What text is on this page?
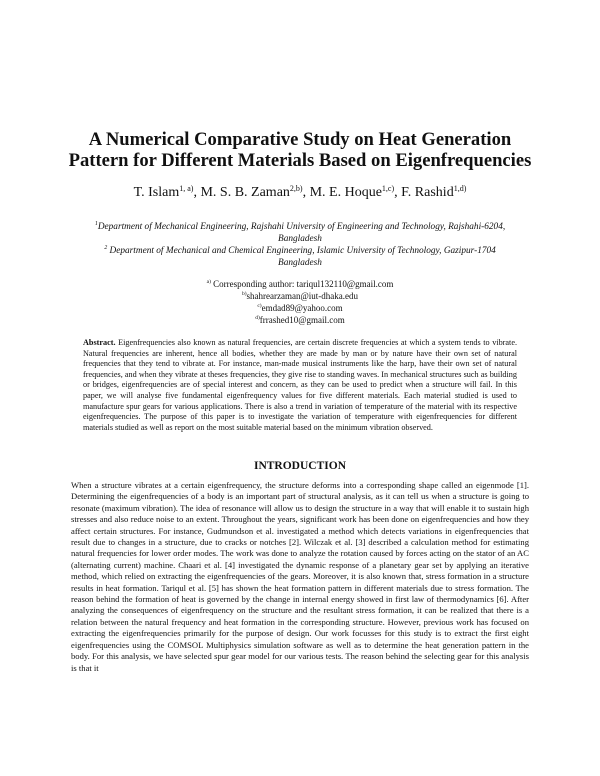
A Numerical Comparative Study on Heat Generation
Pattern for Different Materials Based on Eigenfrequencies
T. Islam$^{1, a)}$, M. S. B. Zaman$^{2,b)}$, M. E. Hoque$^{1,c)}$, F. Rashid$^{1,d)}$

$^1$Department of Mechanical Engineering, Rajshahi University of Engineering and Technology, Rajshahi-6204, Bangladesh

$^2$ Department of Mechanical and Chemical Engineering, Islamic University of Technology, Gazipur-1704 Bangladesh

$^{a)}$ Corresponding author: tariqul132110@gmail.com
$^{b)}$shahrearzaman@iut-dhaka.edu
$^{c)}$emdad89@yahoo.com
$^{d)}$frrashed10@gmail.com

Abstract. Eigenfrequencies also known as natural frequencies, are certain discrete frequencies at which a system tends to vibrate. Natural frequencies are inherent, hence all bodies, whether they are made by man or by nature have their own set of natural frequencies that they tend to vibrate at. For instance, man-made musical instruments like the harp, have their own set of natural frequencies, and when they vibrate at theses frequencies, they give rise to standing waves. In mechanical structures such as building or bridges, eigenfrequencies are of special interest and concern, as they can be used to predict when a structure will fail. In this paper, we will analyse five fundamental eigenfrequency values for five different materials. Each material studied is used to manufacture spur gears for various applications. There is also a trend in variation of temperature of the material with its respective eigenfrequencies. The purpose of this paper is to investigate the variation of temperature with eigenfrequencies for different materials studied as well as report on the most suitable material based on the minimum vibration observed.

INTRODUCTION

When a structure vibrates at a certain eigenfrequency, the structure deforms into a corresponding shape called an eigenmode [1]. Determining the eigenfrequencies of a body is an important part of structural analysis, as it can tell us when a structure is going to resonate (maximum vibration). The idea of resonance will allow us to design the structure in a way that will enable it to sustain high stresses and also reduce noise to an extent. Throughout the years, significant work has been done on eigenfrequencies and how they affect certain structures. For instance, Gudmundson et al. investigated a method which detects variations in eigenfrequencies that result due to changes in a structure, due to cracks or notches [2]. Wilczak et al. [3] described a calculation method for estimating natural frequencies for lower order modes. The work was done to analyze the rotation caused by forces acting on the stator of an AC (alternating current) machine. Chaari et al. [4] investigated the dynamic response of a planetary gear set by applying an iterative method, which relied on extracting the eigenfrequencies of the gears. Moreover, it is also known that, stress formation in a structure results in heat formation. Tariqul et al. [5] has shown the heat formation pattern in different materials due to stress formation. The reason behind the formation of heat is governed by the change in internal energy showed in first law of thermodynamics [6]. After analyzing the consequences of eigenfrequency on the structure and the resultant stress formation, it can be realized that there is a relation between the natural frequency and heat formation in the corresponding structure. However, previous work has focused on extracting the eigenfrequencies primarily for the purpose of design. Our work focusses for this study is to extract the first eight eigenfrequencies using the COMSOL Multiphysics simulation software as well as to determine the heat generation pattern in the body. For this analysis, we have selected spur gear model for our various tests. The reason behind the selecting gear for this analysis is that it
